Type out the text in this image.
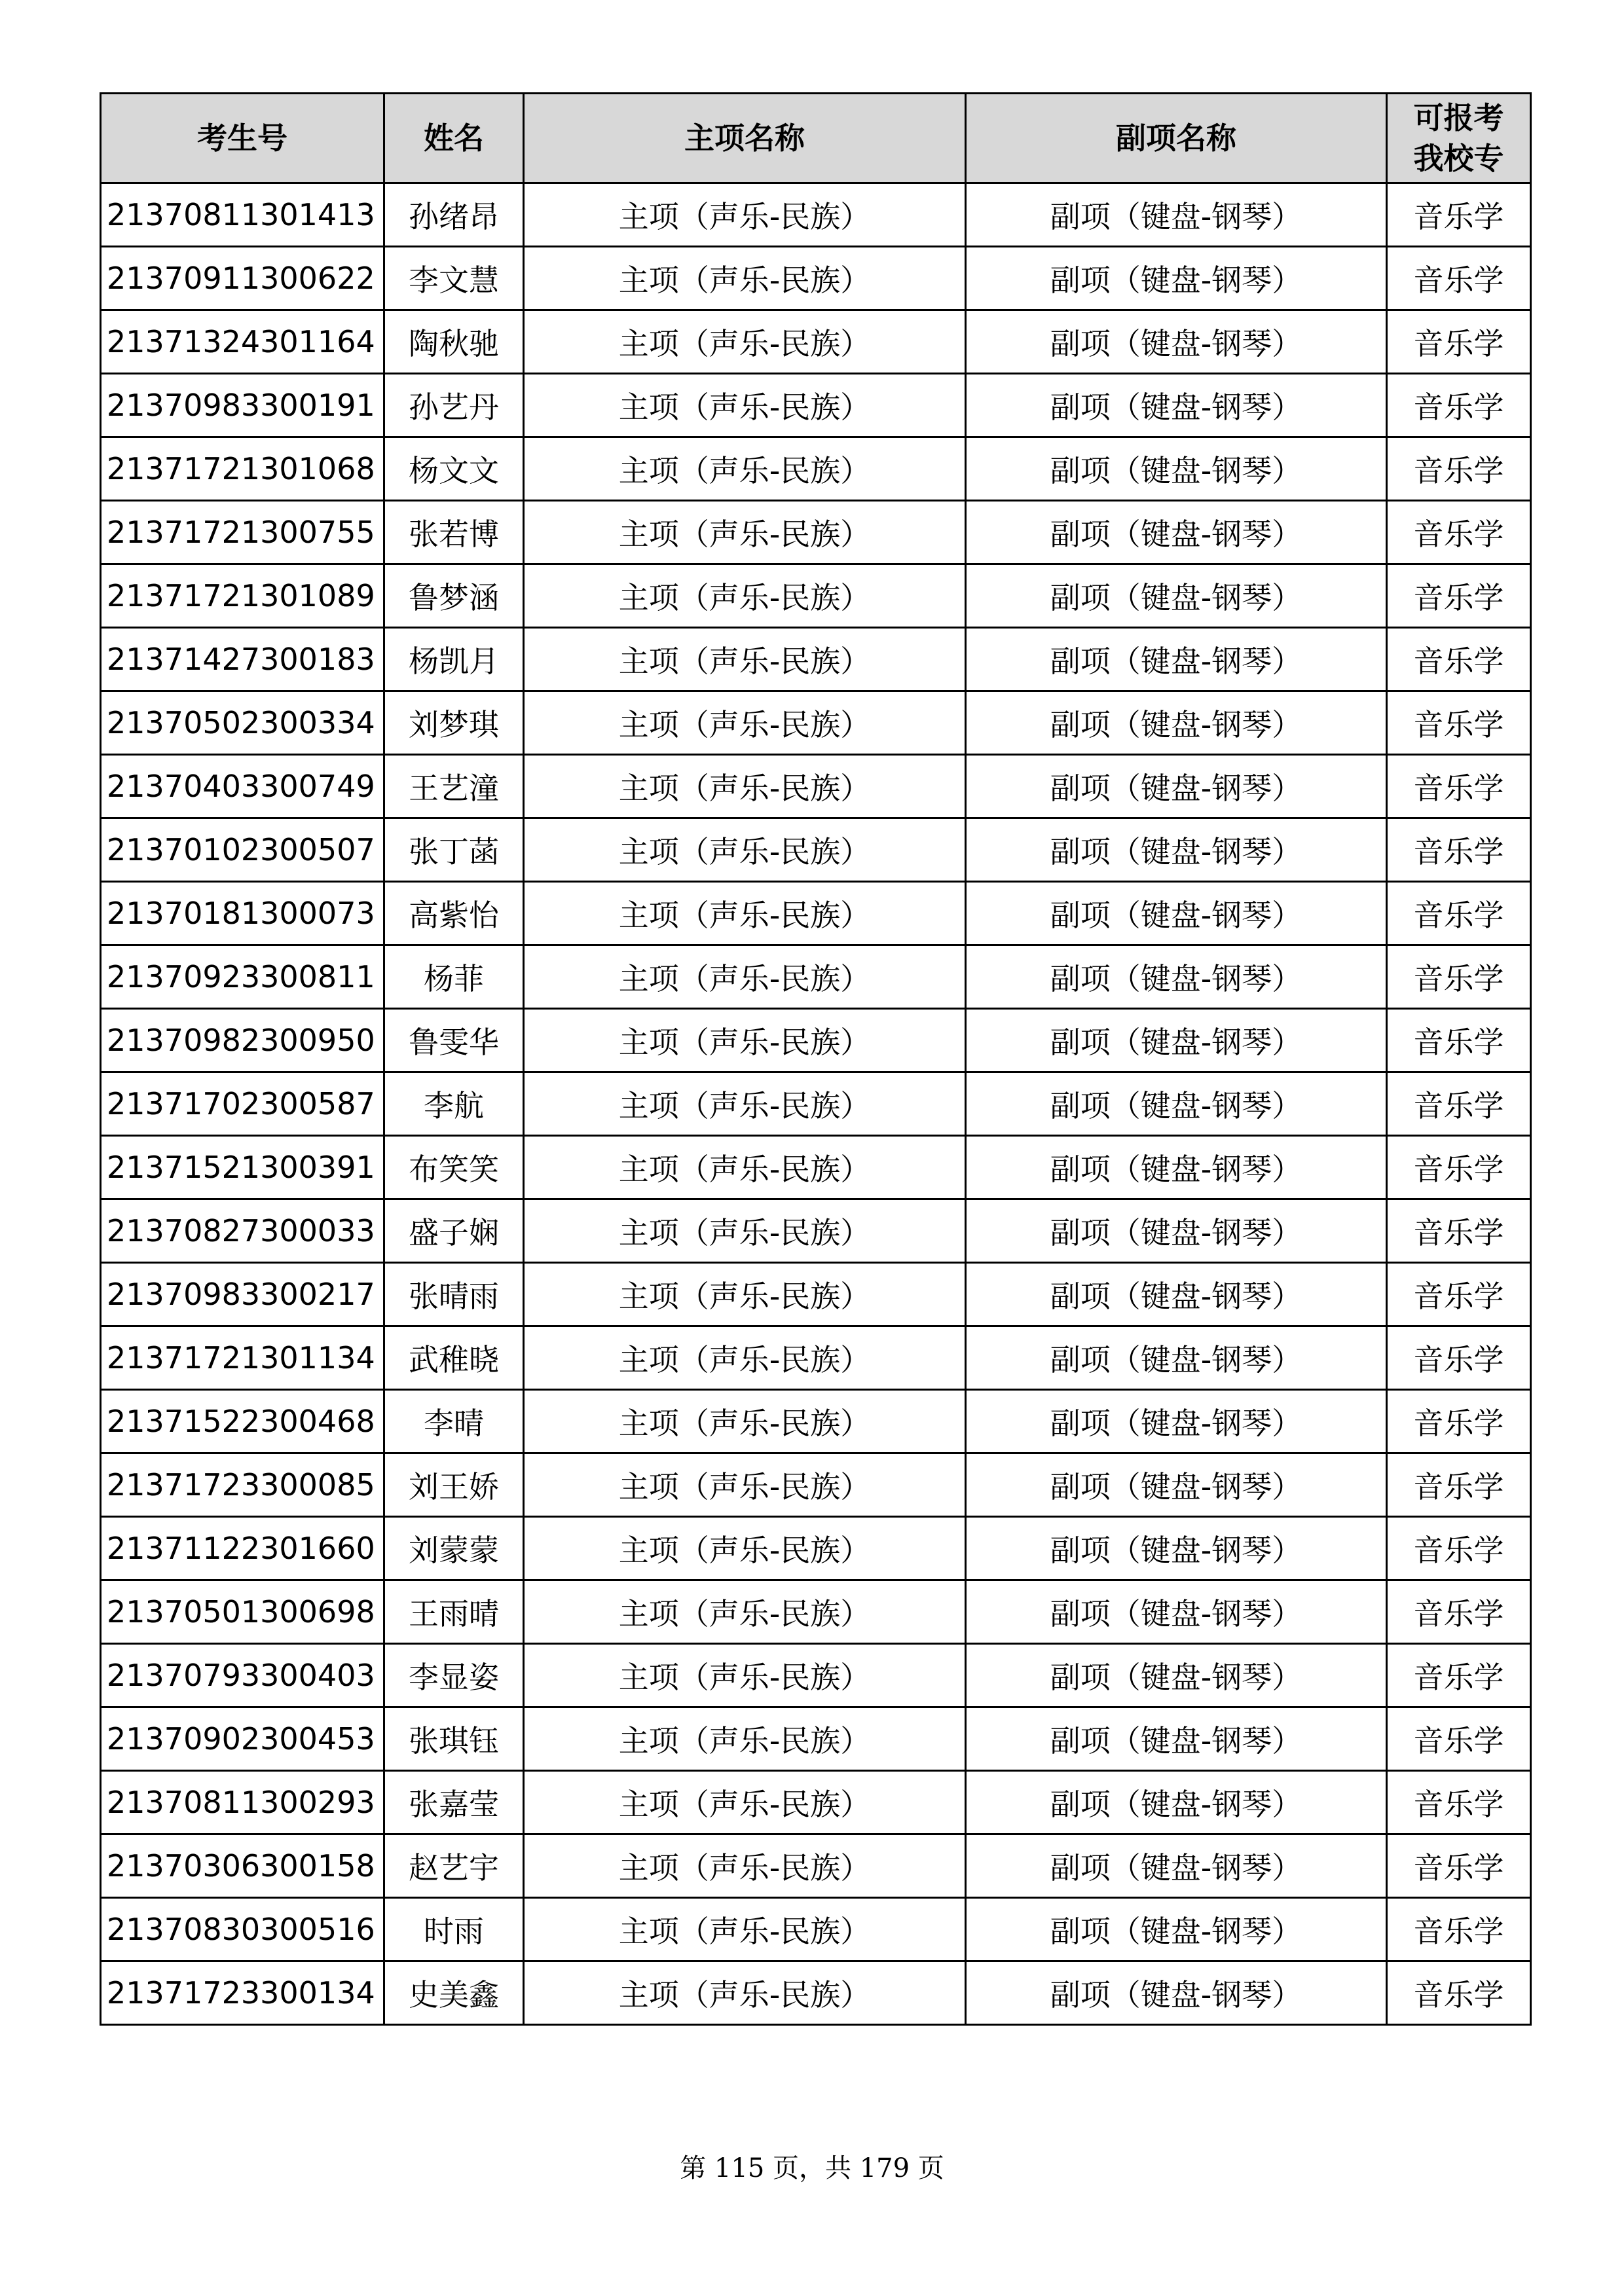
考生号	姓名	主项名称	副项名称	可报考我校专

21370811301413	孙绪昂	主项（声乐-民族）	副项（键盘-钢琴）	音乐学
21370911300622	李文慧	主项（声乐-民族）	副项（键盘-钢琴）	音乐学
21371324301164	陶秋驰	主项（声乐-民族）	副项（键盘-钢琴）	音乐学
21370983300191	孙艺丹	主项（声乐-民族）	副项（键盘-钢琴）	音乐学
21371721301068	杨文文	主项（声乐-民族）	副项（键盘-钢琴）	音乐学
21371721300755	张若博	主项（声乐-民族）	副项（键盘-钢琴）	音乐学
21371721301089	鲁梦涵	主项（声乐-民族）	副项（键盘-钢琴）	音乐学
21371427300183	杨凯月	主项（声乐-民族）	副项（键盘-钢琴）	音乐学
21370502300334	刘梦琪	主项（声乐-民族）	副项（键盘-钢琴）	音乐学
21370403300749	王艺潼	主项（声乐-民族）	副项（键盘-钢琴）	音乐学
21370102300507	张丁菡	主项（声乐-民族）	副项（键盘-钢琴）	音乐学
21370181300073	高紫怡	主项（声乐-民族）	副项（键盘-钢琴）	音乐学
21370923300811	杨菲	主项（声乐-民族）	副项（键盘-钢琴）	音乐学
21370982300950	鲁雯华	主项（声乐-民族）	副项（键盘-钢琴）	音乐学
21371702300587	李航	主项（声乐-民族）	副项（键盘-钢琴）	音乐学
21371521300391	布笑笑	主项（声乐-民族）	副项（键盘-钢琴）	音乐学
21370827300033	盛子娴	主项（声乐-民族）	副项（键盘-钢琴）	音乐学
21370983300217	张晴雨	主项（声乐-民族）	副项（键盘-钢琴）	音乐学
21371721301134	武稚晓	主项（声乐-民族）	副项（键盘-钢琴）	音乐学
21371522300468	李晴	主项（声乐-民族）	副项（键盘-钢琴）	音乐学
21371723300085	刘王娇	主项（声乐-民族）	副项（键盘-钢琴）	音乐学
21371122301660	刘蒙蒙	主项（声乐-民族）	副项（键盘-钢琴）	音乐学
21370501300698	王雨晴	主项（声乐-民族）	副项（键盘-钢琴）	音乐学
21370793300403	李显姿	主项（声乐-民族）	副项（键盘-钢琴）	音乐学
21370902300453	张琪钰	主项（声乐-民族）	副项（键盘-钢琴）	音乐学
21370811300293	张嘉莹	主项（声乐-民族）	副项（键盘-钢琴）	音乐学
21370306300158	赵艺宇	主项（声乐-民族）	副项（键盘-钢琴）	音乐学
21370830300516	时雨	主项（声乐-民族）	副项（键盘-钢琴）	音乐学
21371723300134	史美鑫	主项（声乐-民族）	副项（键盘-钢琴）	音乐学
第 115 页，共 179 页
